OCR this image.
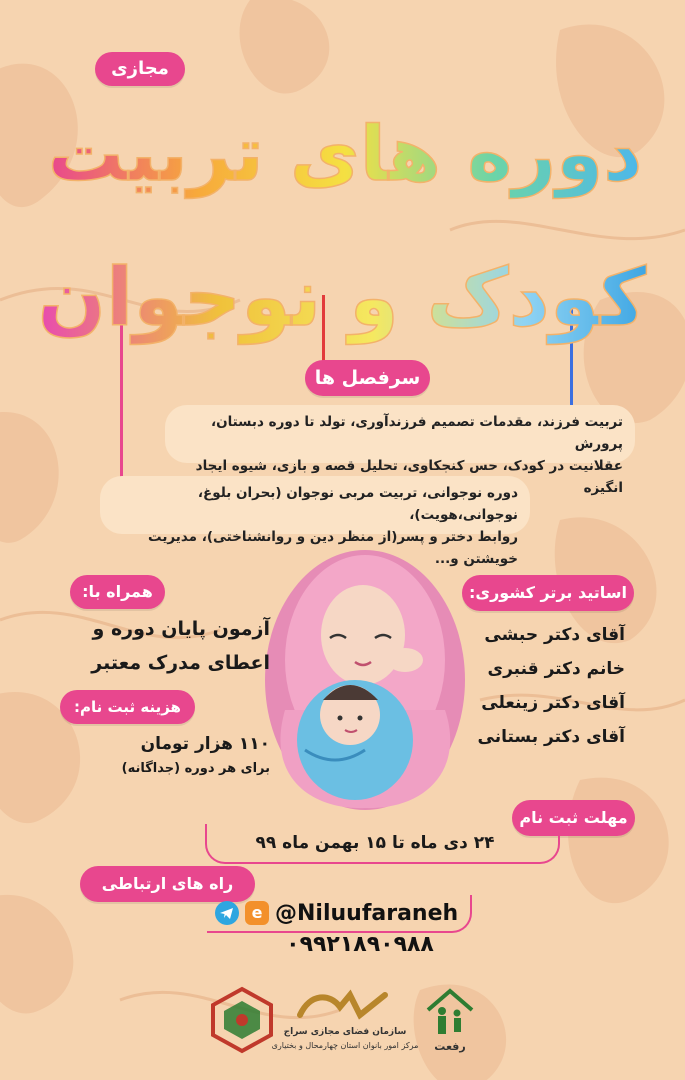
مجازی
دوره های تربیت
کودک و نوجوان
سرفصل ها
تربیت فرزند، مقدمات تصمیم فرزندآوری، تولد تا دوره دبستان، پرورش
عقلانیت در کودک، حس کنجکاوی، تحلیل قصه و بازی، شیوه ایجاد انگیزه
دوره نوجوانی، تربیت مربی نوجوان (بحران بلوغ، نوجوانی،هویت)،
روابط دختر و پسر(از منظر دین و روانشناختی)، مدیریت خویشتن و...
همراه با:
آزمون پایان دوره و
اعطای مدرک معتبر
هزینه ثبت نام:
۱۱۰ هزار تومان
برای هر دوره (جداگانه)
اساتید برتر کشوری:
آقای دکتر حبشی
خانم دکتر قنبری
آقای دکتر زینعلی
آقای دکتر بستانی
مهلت ثبت نام
۲۴ دی ماه تا ۱۵ بهمن ماه ۹۹
راه های ارتباطی
e @Niluufaraneh
۰۹۹۲۱۸۹۰۹۸۸
سازمان فضای مجازی سراج
مرکز امور بانوان استان چهارمحال و بختیاری	رفعت
